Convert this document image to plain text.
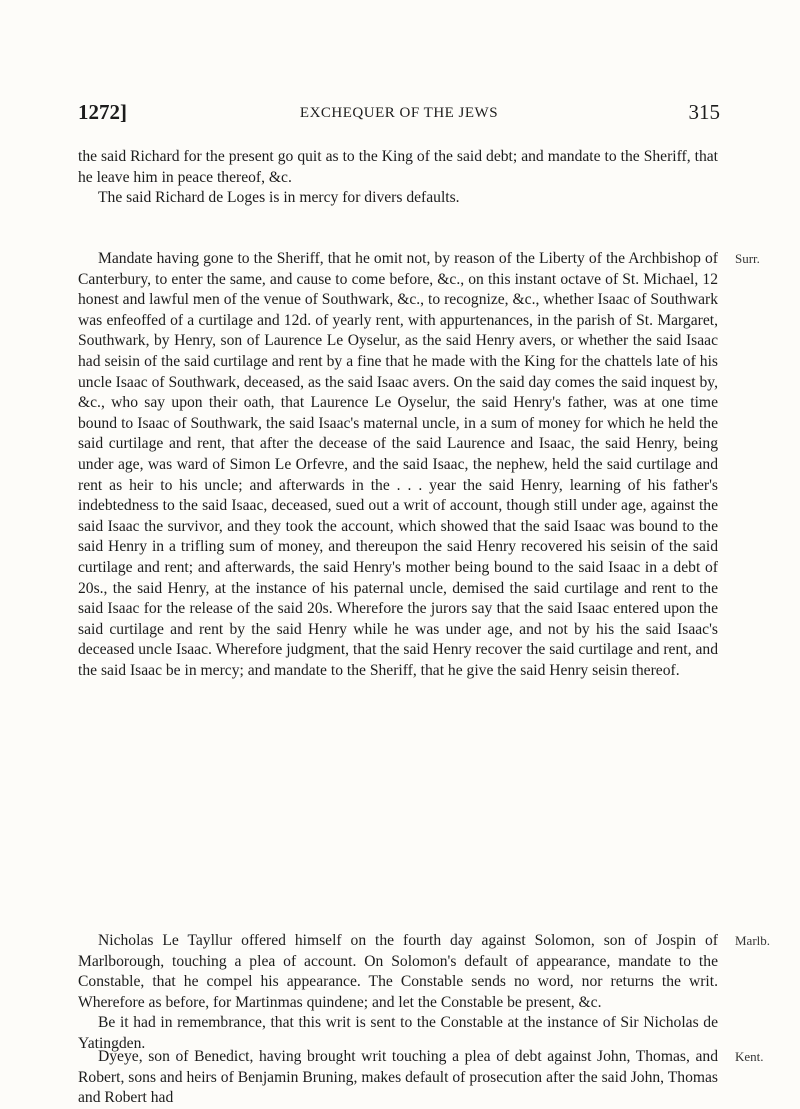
1272]	EXCHEQUER OF THE JEWS	315

the said Richard for the present go quit as to the King of the said debt; and mandate to the Sheriff, that he leave him in peace thereof, &c.

The said Richard de Loges is in mercy for divers defaults.

Mandate having gone to the Sheriff, that he omit not, by reason of the Liberty of the Archbishop of Canterbury, to enter the same, and cause to come before, &c., on this instant octave of St. Michael, 12 honest and lawful men of the venue of Southwark, &c., to recognize, &c., whether Isaac of Southwark was enfeoffed of a curtilage and 12d. of yearly rent, with appurtenances, in the parish of St. Margaret, Southwark, by Henry, son of Laurence Le Oyselur, as the said Henry avers, or whether the said Isaac had seisin of the said curtilage and rent by a fine that he made with the King for the chattels late of his uncle Isaac of Southwark, deceased, as the said Isaac avers. On the said day comes the said inquest by, &c., who say upon their oath, that Laurence Le Oyselur, the said Henry's father, was at one time bound to Isaac of Southwark, the said Isaac's maternal uncle, in a sum of money for which he held the said curtilage and rent, that after the decease of the said Laurence and Isaac, the said Henry, being under age, was ward of Simon Le Orfevre, and the said Isaac, the nephew, held the said curtilage and rent as heir to his uncle; and afterwards in the . . . year the said Henry, learning of his father's indebtedness to the said Isaac, deceased, sued out a writ of account, though still under age, against the said Isaac the survivor, and they took the account, which showed that the said Isaac was bound to the said Henry in a trifling sum of money, and thereupon the said Henry recovered his seisin of the said curtilage and rent; and afterwards, the said Henry's mother being bound to the said Isaac in a debt of 20s., the said Henry, at the instance of his paternal uncle, demised the said curtilage and rent to the said Isaac for the release of the said 20s. Wherefore the jurors say that the said Isaac entered upon the said curtilage and rent by the said Henry while he was under age, and not by his the said Isaac's deceased uncle Isaac. Wherefore judgment, that the said Henry recover the said curtilage and rent, and the said Isaac be in mercy; and mandate to the Sheriff, that he give the said Henry seisin thereof.

Nicholas Le Tayllur offered himself on the fourth day against Solomon, son of Jospin of Marlborough, touching a plea of account. On Solomon's default of appearance, mandate to the Constable, that he compel his appearance. The Constable sends no word, nor returns the writ. Wherefore as before, for Martinmas quindene; and let the Constable be present, &c.

Be it had in remembrance, that this writ is sent to the Constable at the instance of Sir Nicholas de Yatingden.

Dyeye, son of Benedict, having brought writ touching a plea of debt against John, Thomas, and Robert, sons and heirs of Benjamin Bruning, makes default of prosecution after the said John, Thomas and Robert had

Surr.
Marlb.
Kent.
